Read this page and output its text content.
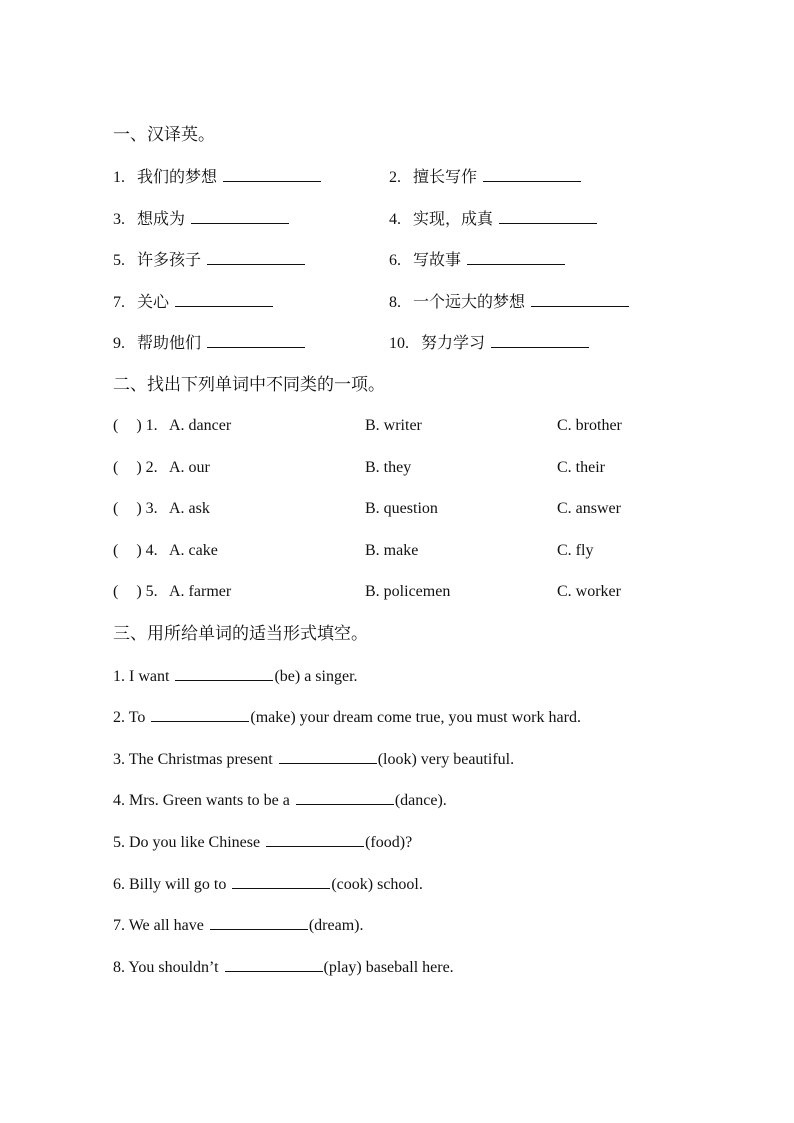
一、汉译英。
1. 我们的梦想	2. 擅长写作
3. 想成为	4. 实现，成真
5. 许多孩子	6. 写故事
7. 关心	8. 一个远大的梦想
9. 帮助他们	10. 努力学习
二、找出下列单词中不同类的一项。
( ) 1. A. dancer	B. writer	C. brother
( ) 2. A. our	B. they	C. their
( ) 3. A. ask	B. question	C. answer
( ) 4. A. cake	B. make	C. fly
( ) 5. A. farmer	B. policemen	C. worker
三、用所给单词的适当形式填空。
1. I want	(be) a singer.
2. To	(make) your dream come true, you must work hard.
3. The Christmas present	(look) very beautiful.
4. Mrs. Green wants to be a	(dance).
5. Do you like Chinese	(food)?
6. Billy will go to	(cook) school.
7. We all have	(dream).
8. You shouldn’t	(play) baseball here.
